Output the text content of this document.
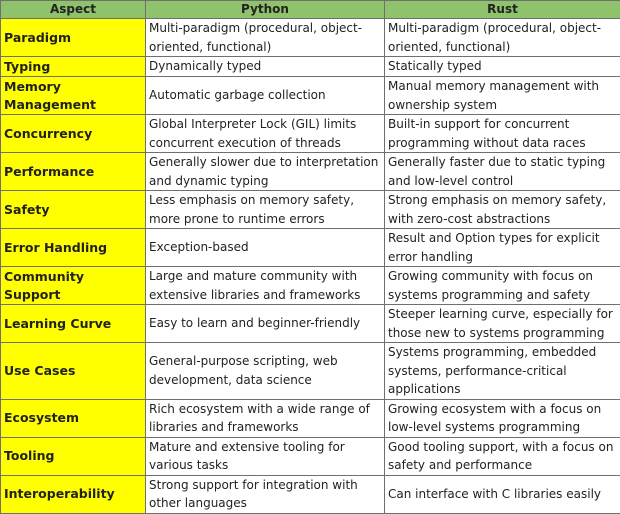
Aspect	Python	Rust
Paradigm	Multi-paradigm (procedural, object-oriented, functional)	Multi-paradigm (procedural, object-oriented, functional)
Typing	Dynamically typed	Statically typed
Memory Management	Automatic garbage collection	Manual memory management with ownership system
Concurrency	Global Interpreter Lock (GIL) limits concurrent execution of threads	Built-in support for concurrent programming without data races
Performance	Generally slower due to interpretation and dynamic typing	Generally faster due to static typing and low-level control
Safety	Less emphasis on memory safety, more prone to runtime errors	Strong emphasis on memory safety, with zero-cost abstractions
Error Handling	Exception-based	Result and Option types for explicit error handling
Community Support	Large and mature community with extensive libraries and frameworks	Growing community with focus on systems programming and safety
Learning Curve	Easy to learn and beginner-friendly	Steeper learning curve, especially for those new to systems programming
Use Cases	General-purpose scripting, web development, data science	Systems programming, embedded systems, performance-critical applications
Ecosystem	Rich ecosystem with a wide range of libraries and frameworks	Growing ecosystem with a focus on low-level systems programming
Tooling	Mature and extensive tooling for various tasks	Good tooling support, with a focus on safety and performance
Interoperability	Strong support for integration with other languages	Can interface with C libraries easily
